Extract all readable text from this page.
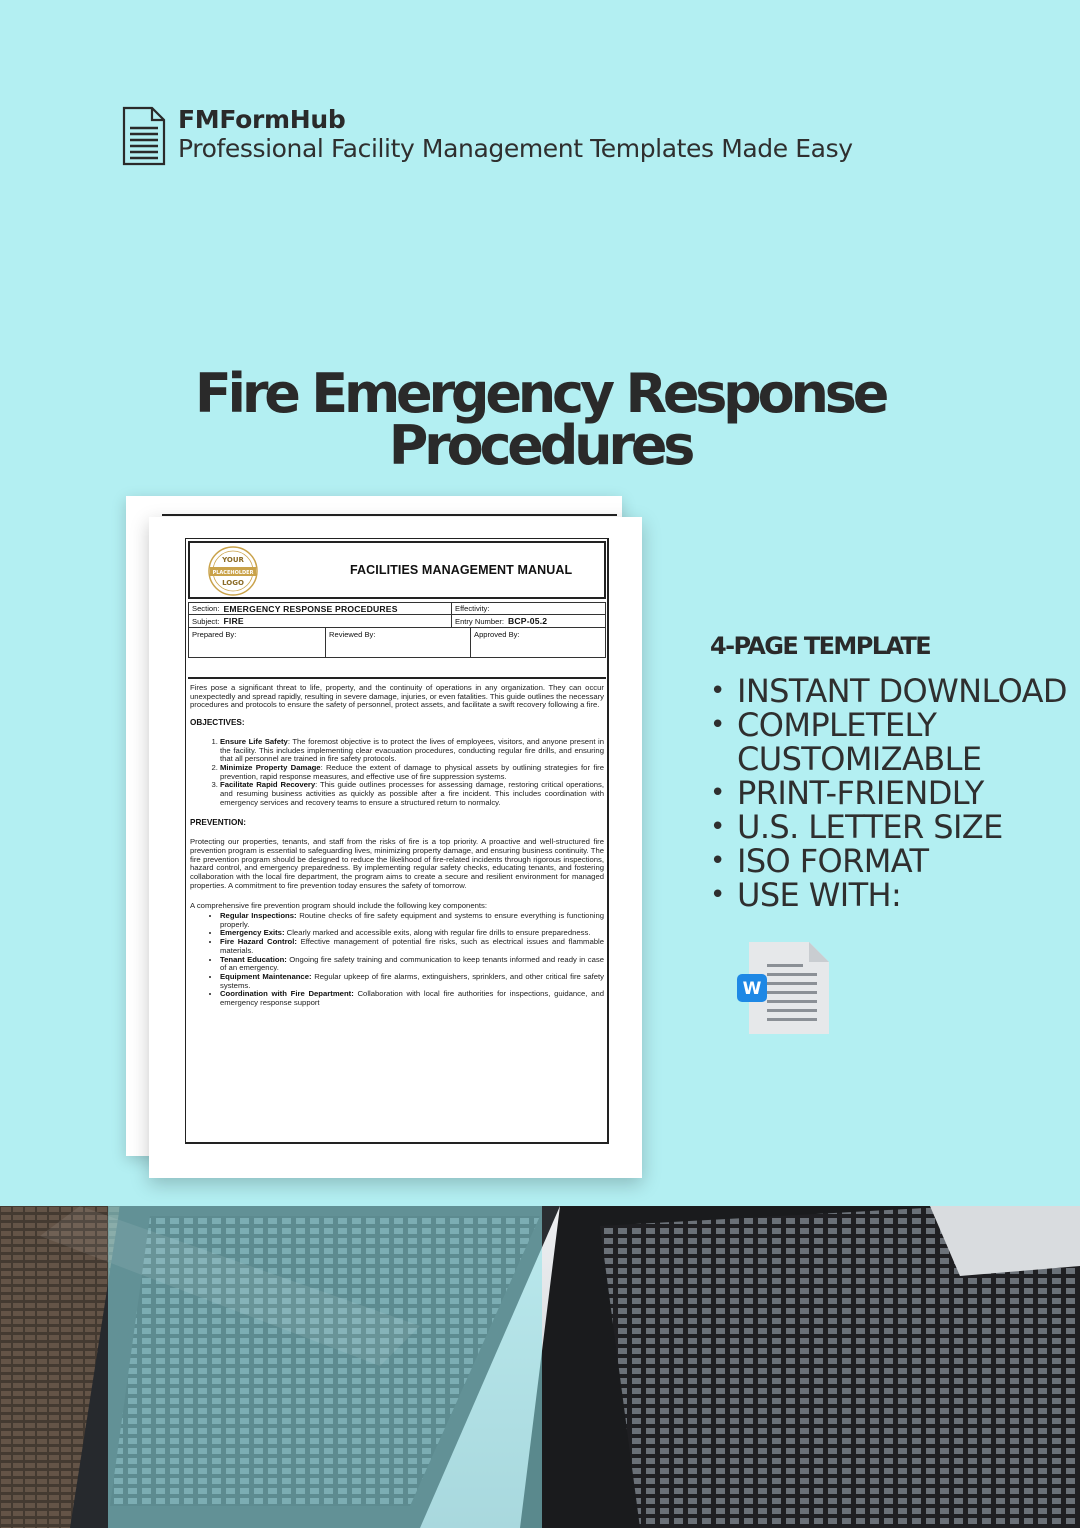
FMFormHub
Professional Facility Management Templates Made Easy
Fire Emergency Response
Procedures
YOUR
PLACEHOLDER
LOGO
FACILITIES MANAGEMENT MANUAL
Section: EMERGENCY RESPONSE PROCEDURES	Effectivity:
Subject: FIRE	Entry Number: BCP-05.2
Prepared By:	Reviewed By:	Approved By:

Fires pose a significant threat to life, property, and the continuity of operations in any organization. They can occur unexpectedly and spread rapidly, resulting in severe damage, injuries, or even fatalities. This guide outlines the necessary procedures and protocols to ensure the safety of personnel, protect assets, and facilitate a swift recovery following a fire.

OBJECTIVES:
1. Ensure Life Safety: The foremost objective is to protect the lives of employees, visitors, and anyone present in the facility. This includes implementing clear evacuation procedures, conducting regular fire drills, and ensuring that all personnel are trained in fire safety protocols.
2. Minimize Property Damage: Reduce the extent of damage to physical assets by outlining strategies for fire prevention, rapid response measures, and effective use of fire suppression systems.
3. Facilitate Rapid Recovery: This guide outlines processes for assessing damage, restoring critical operations, and resuming business activities as quickly as possible after a fire incident. This includes coordination with emergency services and recovery teams to ensure a structured return to normalcy.
PREVENTION:

Protecting our properties, tenants, and staff from the risks of fire is a top priority. A proactive and well-structured fire prevention program is essential to safeguarding lives, minimizing property damage, and ensuring business continuity. The fire prevention program should be designed to reduce the likelihood of fire-related incidents through rigorous inspections, hazard control, and emergency preparedness. By implementing regular safety checks, educating tenants, and fostering collaboration with the local fire department, the program aims to create a secure and resilient environment for managed properties. A commitment to fire prevention today ensures the safety of tomorrow.

A comprehensive fire prevention program should include the following key components:
• Regular Inspections: Routine checks of fire safety equipment and systems to ensure everything is functioning properly.
• Emergency Exits: Clearly marked and accessible exits, along with regular fire drills to ensure preparedness.
• Fire Hazard Control: Effective management of potential fire risks, such as electrical issues and flammable materials.
• Tenant Education: Ongoing fire safety training and communication to keep tenants informed and ready in case of an emergency.
• Equipment Maintenance: Regular upkeep of fire alarms, extinguishers, sprinklers, and other critical fire safety systems.
• Coordination with Fire Department: Collaboration with local fire authorities for inspections, guidance, and emergency response support
4-PAGE TEMPLATE
• INSTANT DOWNLOAD
• COMPLETELY CUSTOMIZABLE
• PRINT-FRIENDLY
• U.S. LETTER SIZE
• ISO FORMAT
• USE WITH:
W
